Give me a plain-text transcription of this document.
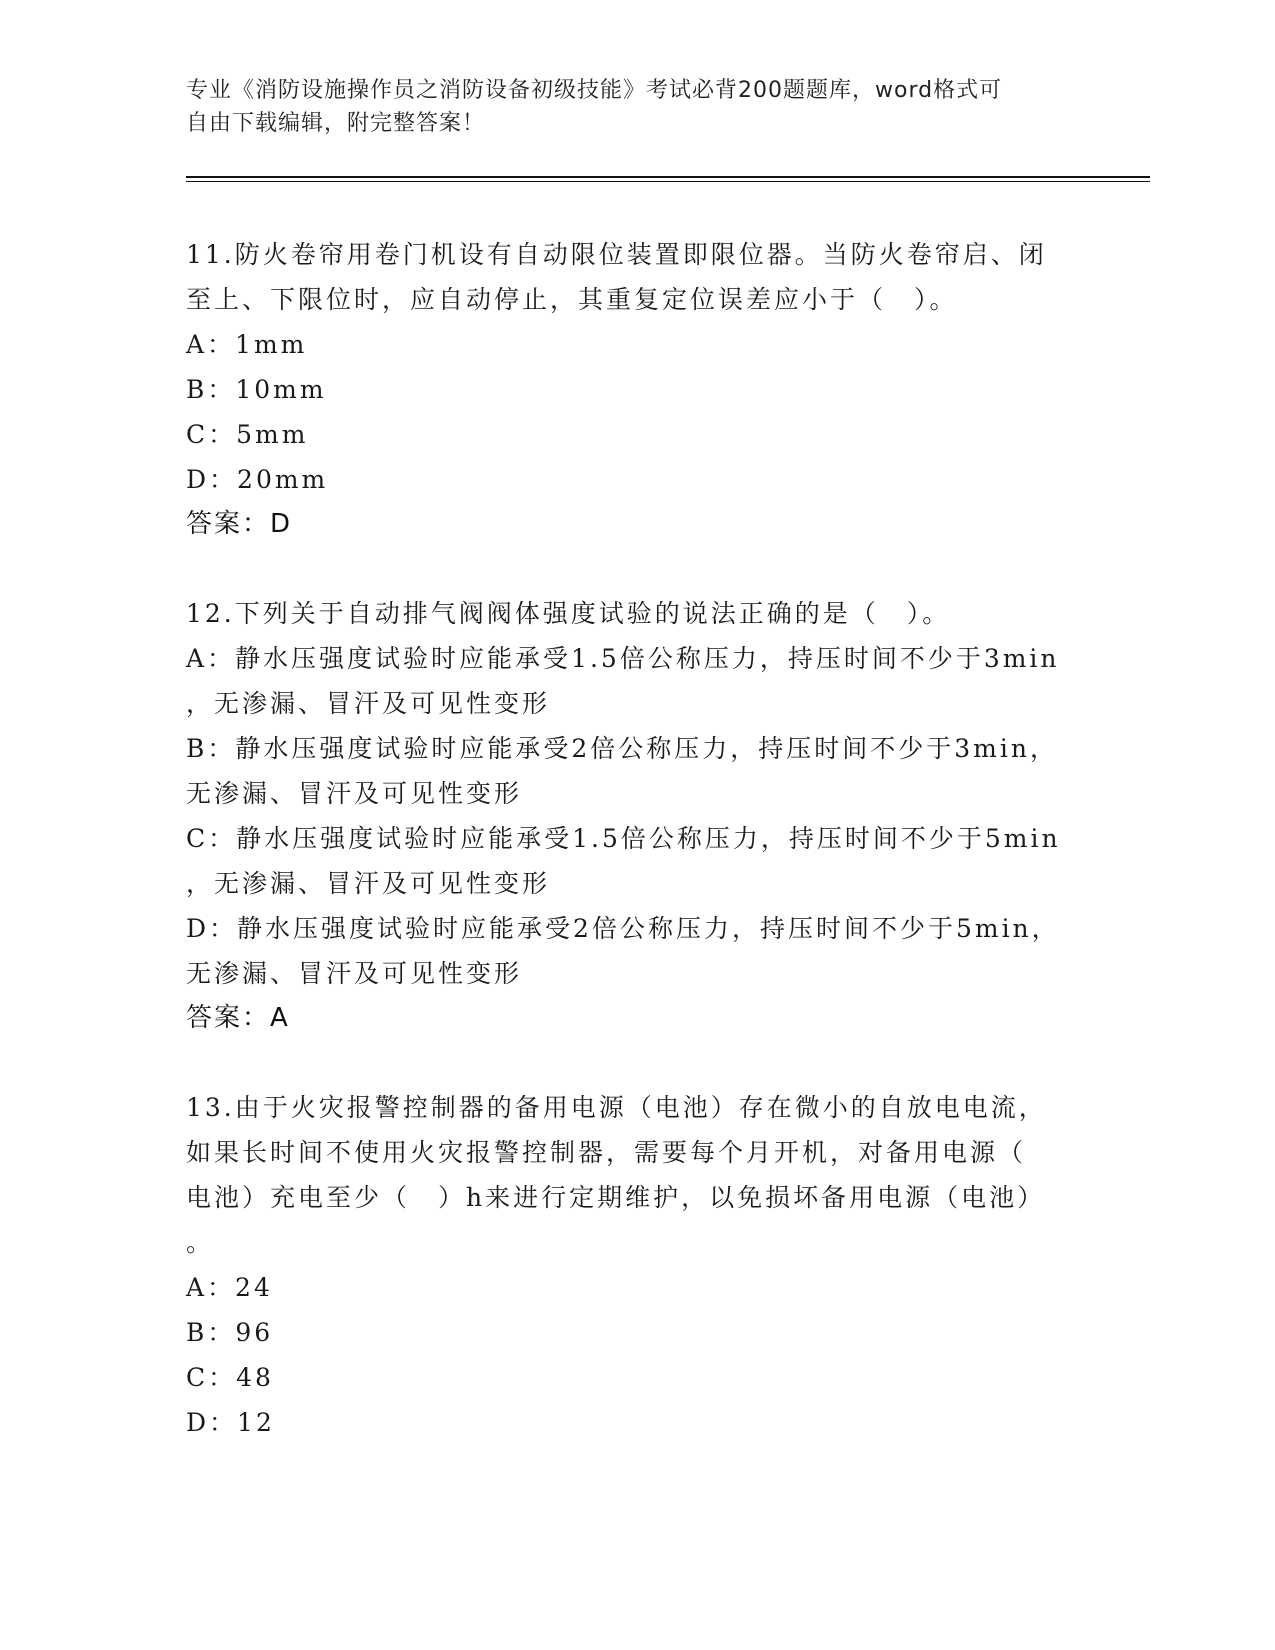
专业《消防设施操作员之消防设备初级技能》考试必背200题题库，word格式可
自由下载编辑，附完整答案！
11.防火卷帘用卷门机设有自动限位装置即限位器。当防火卷帘启、闭
至上、下限位时，应自动停止，其重复定位误差应小于（　）。
A：1mm
B：10mm
C：5mm
D：20mm
答案：D
12.下列关于自动排气阀阀体强度试验的说法正确的是（　）。
A：静水压强度试验时应能承受1.5倍公称压力，持压时间不少于3min
，无渗漏、冒汗及可见性变形
B：静水压强度试验时应能承受2倍公称压力，持压时间不少于3min，
无渗漏、冒汗及可见性变形
C：静水压强度试验时应能承受1.5倍公称压力，持压时间不少于5min
，无渗漏、冒汗及可见性变形
D：静水压强度试验时应能承受2倍公称压力，持压时间不少于5min，
无渗漏、冒汗及可见性变形
答案：A
13.由于火灾报警控制器的备用电源（电池）存在微小的自放电电流，
如果长时间不使用火灾报警控制器，需要每个月开机，对备用电源（
电池）充电至少（　）h来进行定期维护，以免损坏备用电源（电池）
。
A：24
B：96
C：48
D：12
